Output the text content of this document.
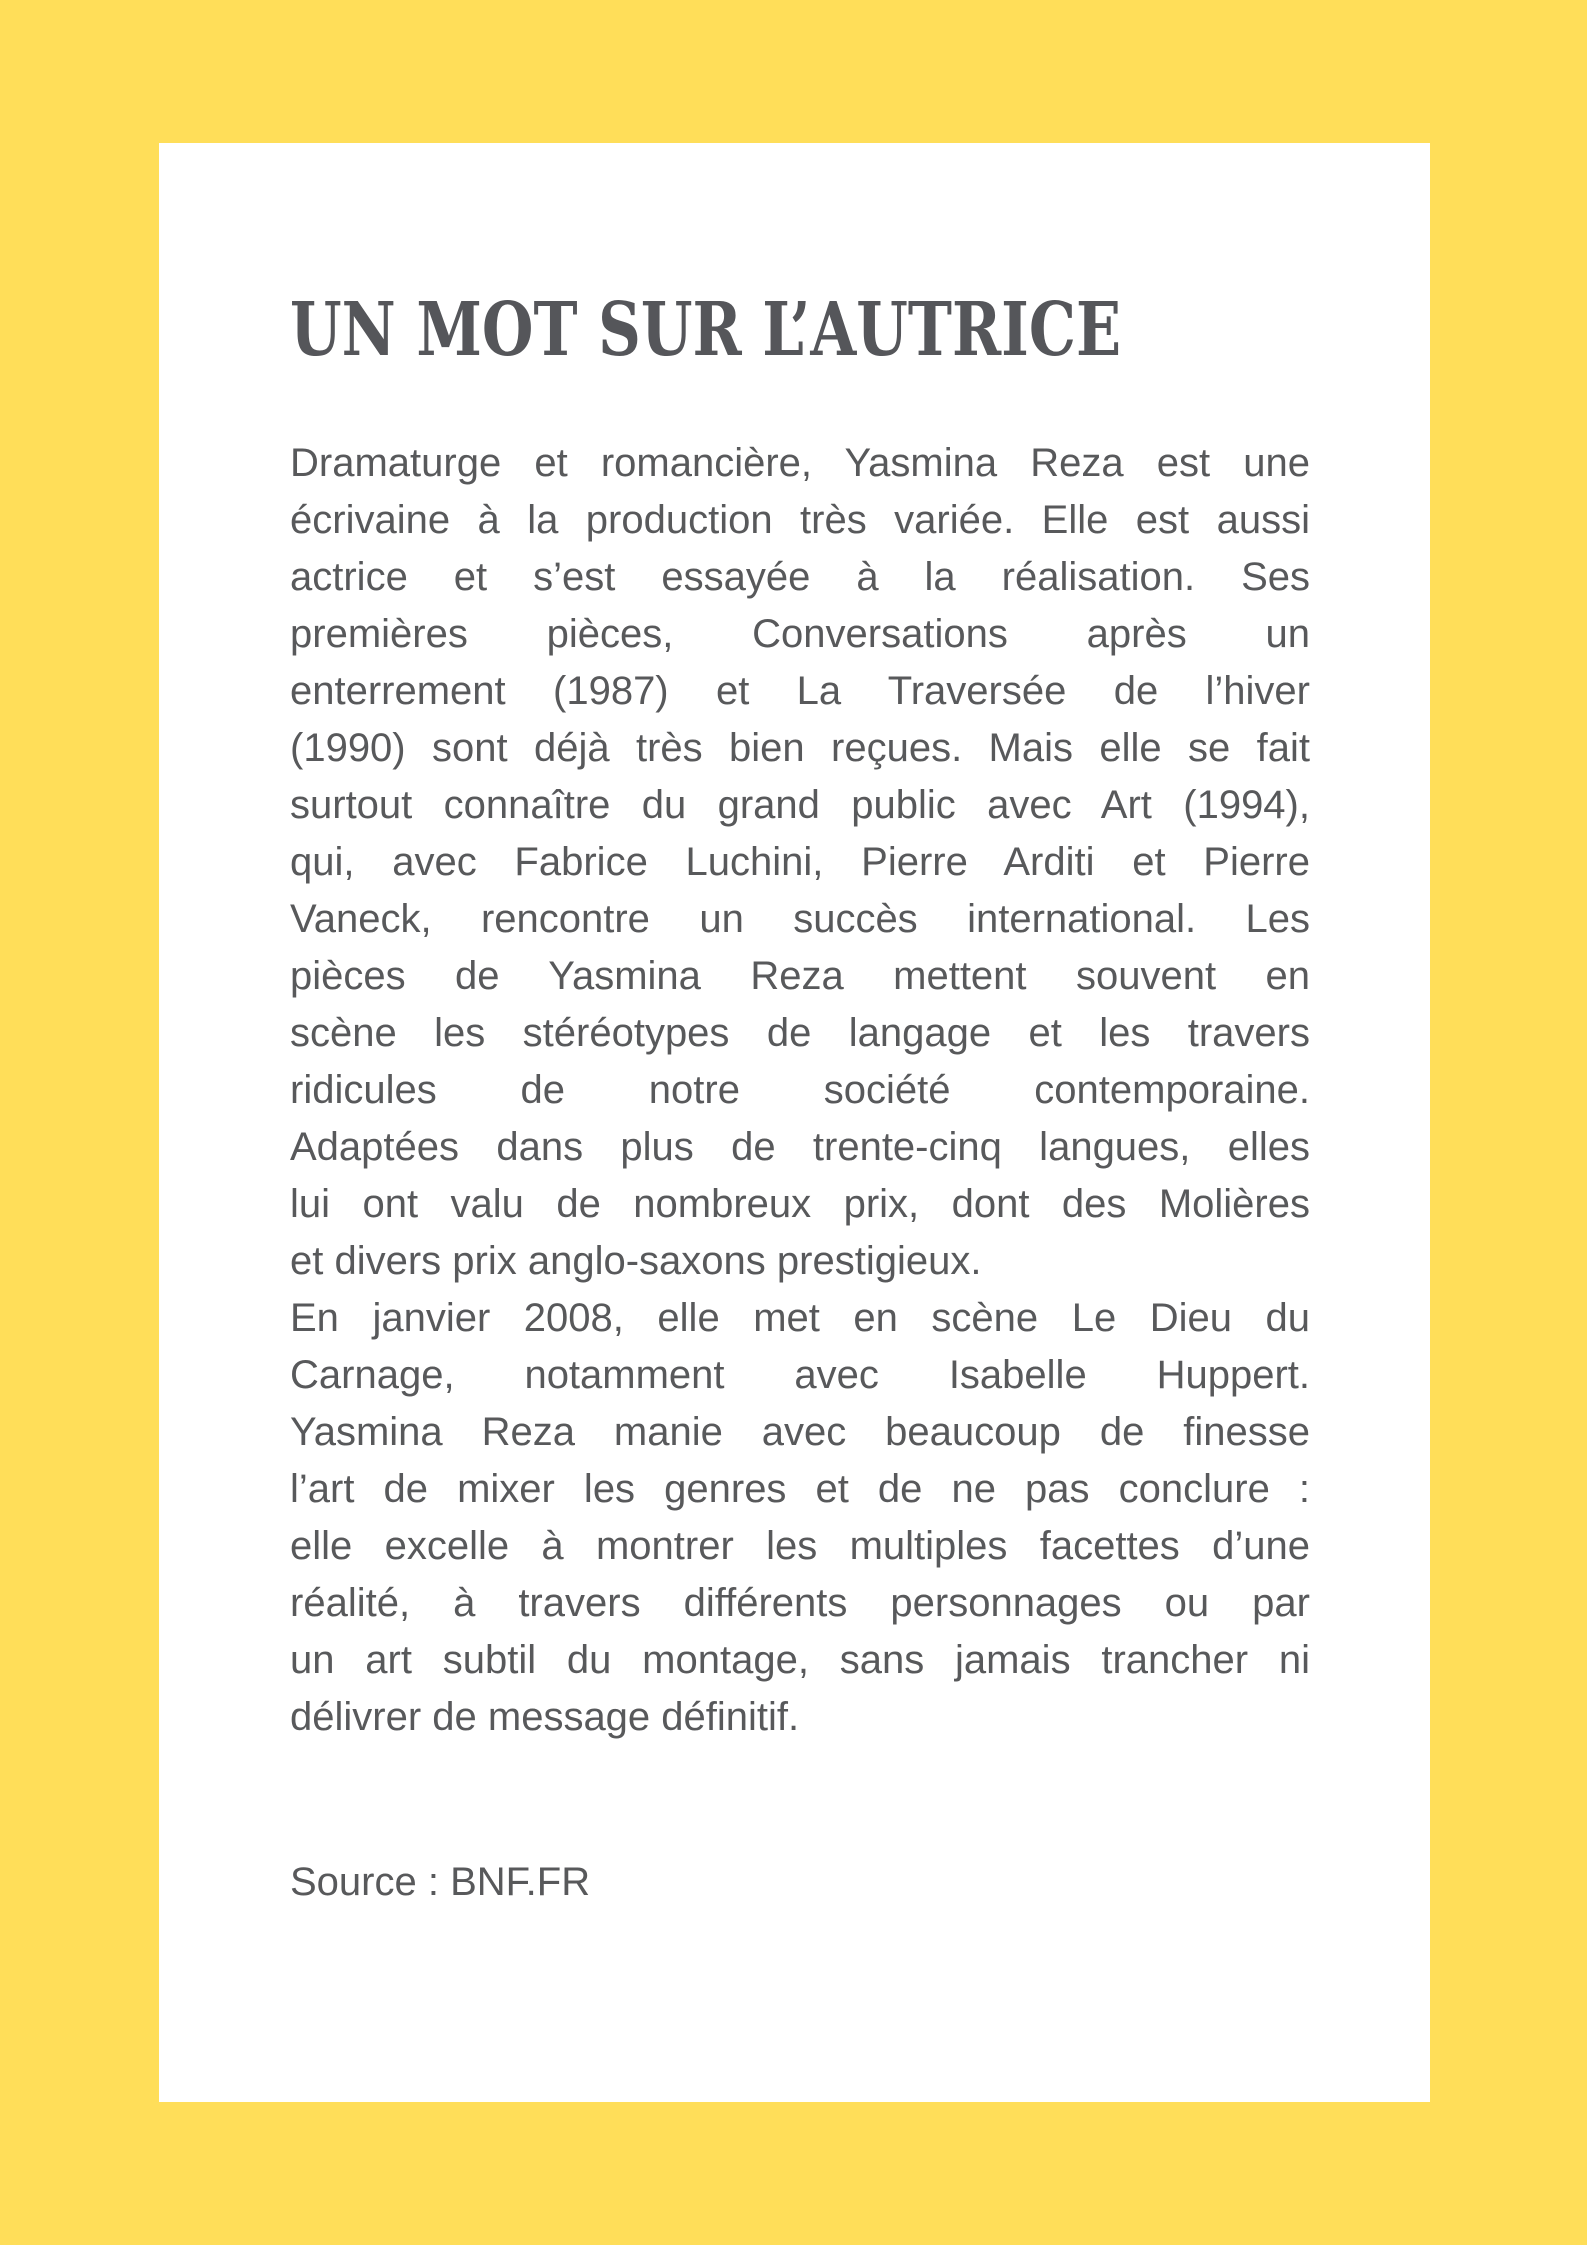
UN MOT SUR L’AUTRICE
Dramaturge et romancière, Yasmina Reza est une
écrivaine à la production très variée. Elle est aussi
actrice et s’est essayée à la réalisation. Ses
premières pièces, Conversations après un
enterrement (1987) et La Traversée de l’hiver
(1990) sont déjà très bien reçues. Mais elle se fait
surtout connaître du grand public avec Art (1994),
qui, avec Fabrice Luchini, Pierre Arditi et Pierre
Vaneck, rencontre un succès international. Les
pièces de Yasmina Reza mettent souvent en
scène les stéréotypes de langage et les travers
ridicules de notre société contemporaine.
Adaptées dans plus de trente-cinq langues, elles
lui ont valu de nombreux prix, dont des Molières
et divers prix anglo-saxons prestigieux.
En janvier 2008, elle met en scène Le Dieu du
Carnage, notamment avec Isabelle Huppert.
Yasmina Reza manie avec beaucoup de finesse
l’art de mixer les genres et de ne pas conclure :
elle excelle à montrer les multiples facettes d’une
réalité, à travers différents personnages ou par
un art subtil du montage, sans jamais trancher ni
délivrer de message définitif.
Source : BNF.FR
